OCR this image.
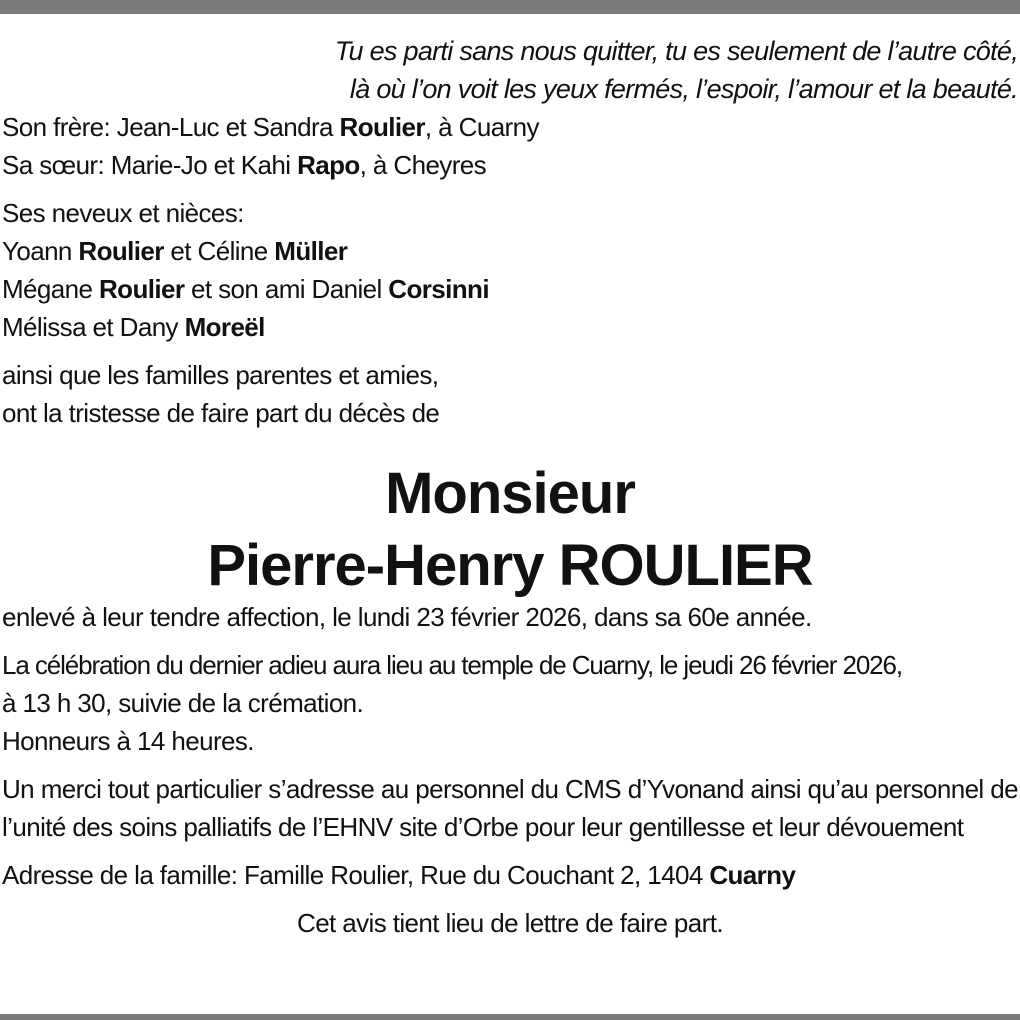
Tu es parti sans nous quitter, tu es seulement de l’autre côté,
là où l’on voit les yeux fermés, l’espoir, l’amour et la beauté.
Son frère: Jean-Luc et Sandra Roulier, à Cuarny
Sa sœur: Marie-Jo et Kahi Rapo, à Cheyres
Ses neveux et nièces:
Yoann Roulier et Céline Müller
Mégane Roulier et son ami Daniel Corsinni
Mélissa et Dany Moreël
ainsi que les familles parentes et amies,
ont la tristesse de faire part du décès de
Monsieur
Pierre-Henry ROULIER
enlevé à leur tendre affection, le lundi 23 février 2026, dans sa 60e année.
La célébration du dernier adieu aura lieu au temple de Cuarny, le jeudi 26 février 2026,
à 13 h 30, suivie de la crémation.
Honneurs à 14 heures.
Un merci tout particulier s’adresse au personnel du CMS d’Yvonand ainsi qu’au personnel de l’unité des soins palliatifs de l’EHNV site d’Orbe pour leur gentillesse et leur dévouement
Adresse de la famille: Famille Roulier, Rue du Couchant 2, 1404 Cuarny
Cet avis tient lieu de lettre de faire part.
